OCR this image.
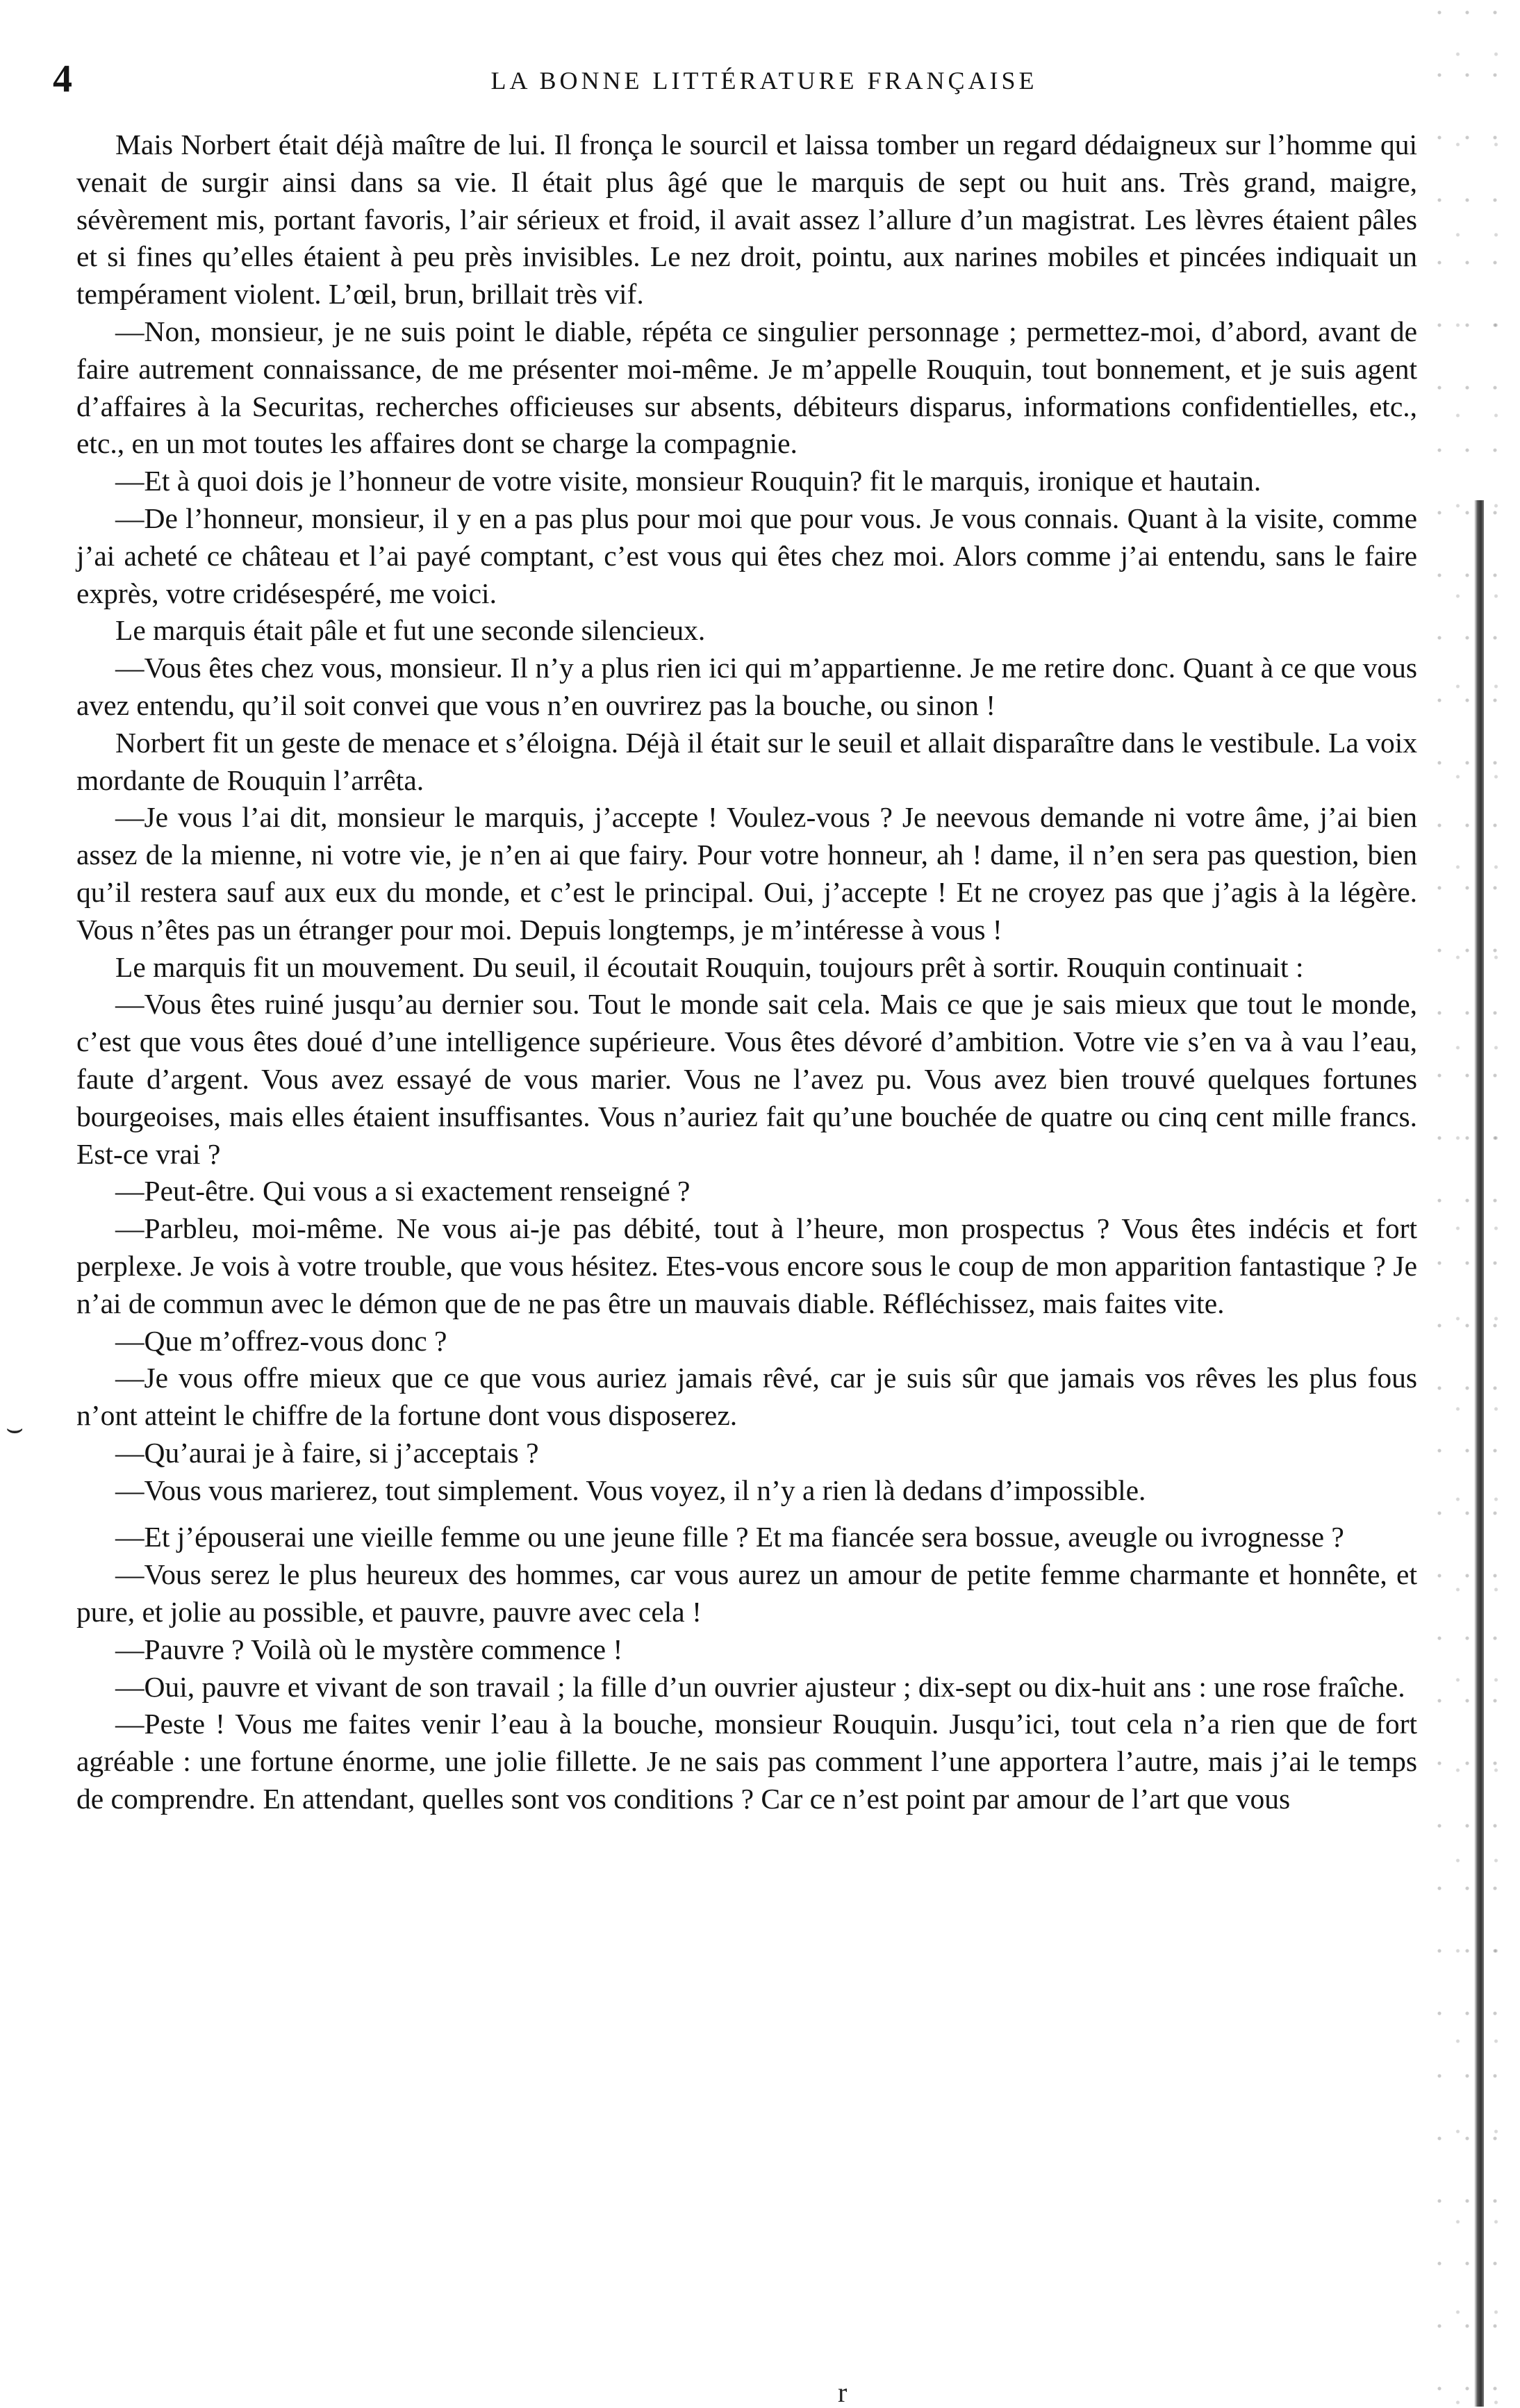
4	LA BONNE LITTÉRATURE FRANÇAISE
⌣

Mais Norbert était déjà maître de lui. Il fronça le sourcil et laissa tomber un regard dédaigneux sur l’homme qui venait de surgir ainsi dans sa vie. Il était plus âgé que le marquis de sept ou huit ans. Très grand, maigre, sévèrement mis, portant favoris, l’air sérieux et froid, il avait assez l’allure d’un magistrat. Les lèvres étaient pâles et si fines qu’elles étaient à peu près invisibles. Le nez droit, pointu, aux narines mobiles et pincées indiquait un tempérament violent. L’œil, brun, brillait très vif.

—Non, monsieur, je ne suis point le diable, répéta ce singulier personnage ; permettez-moi, d’abord, avant de faire autrement connaissance, de me présenter moi-même. Je m’appelle Rouquin, tout bonnement, et je suis agent d’affaires à la Securitas, recherches officieuses sur absents, débiteurs disparus, informations confidentielles, etc., etc., en un mot toutes les affaires dont se charge la compagnie.

—Et à quoi dois je l’honneur de votre visite, monsieur Rouquin? fit le marquis, ironique et hautain.

—De l’honneur, monsieur, il y en a pas plus pour moi que pour vous. Je vous connais. Quant à la visite, comme j’ai acheté ce château et l’ai payé comptant, c’est vous qui êtes chez moi. Alors comme j’ai entendu, sans le faire exprès, votre cridésespéré, me voici.

Le marquis était pâle et fut une seconde silencieux.

—Vous êtes chez vous, monsieur. Il n’y a plus rien ici qui m’appartienne. Je me retire donc. Quant à ce que vous avez entendu, qu’il soit convei que vous n’en ouvrirez pas la bouche, ou sinon !

Norbert fit un geste de menace et s’éloigna. Déjà il était sur le seuil et allait disparaître dans le vestibule. La voix mordante de Rouquin l’arrêta.

—Je vous l’ai dit, monsieur le marquis, j’accepte ! Voulez-vous ? Je neevous demande ni votre âme, j’ai bien assez de la mienne, ni votre vie, je n’en ai que fairy. Pour votre honneur, ah ! dame, il n’en sera pas question, bien qu’il restera sauf aux eux du monde, et c’est le principal. Oui, j’accepte ! Et ne croyez pas que j’agis à la légère. Vous n’êtes pas un étranger pour moi. Depuis longtemps, je m’intéresse à vous !

Le marquis fit un mouvement. Du seuil, il écoutait Rouquin, toujours prêt à sortir. Rouquin continuait :

—Vous êtes ruiné jusqu’au dernier sou. Tout le monde sait cela. Mais ce que je sais mieux que tout le monde, c’est que vous êtes doué d’une intelligence supérieure. Vous êtes dévoré d’ambition. Votre vie s’en va à vau l’eau, faute d’argent. Vous avez essayé de vous marier. Vous ne l’avez pu. Vous avez bien trouvé quelques fortunes bourgeoises, mais elles étaient insuffisantes. Vous n’auriez fait qu’une bouchée de quatre ou cinq cent mille francs. Est-ce vrai ?

—Peut-être. Qui vous a si exactement renseigné ?

—Parbleu, moi-même. Ne vous ai-je pas débité, tout à l’heure, mon prospectus ? Vous êtes indécis et fort perplexe. Je vois à votre trouble, que vous hésitez. Etes-vous encore sous le coup de mon apparition fantastique ? Je n’ai de commun avec le démon que de ne pas être un mauvais diable. Réfléchissez, mais faites vite.

—Que m’offrez-vous donc ?

—Je vous offre mieux que ce que vous auriez jamais rêvé, car je suis sûr que jamais vos rêves les plus fous n’ont atteint le chiffre de la fortune dont vous disposerez.

—Qu’aurai je à faire, si j’acceptais ?

—Vous vous marierez, tout simplement. Vous voyez, il n’y a rien là dedans d’impossible.

—Et j’épouserai une vieille femme ou une jeune fille ? Et ma fiancée sera bossue, aveugle ou ivrognesse ?

—Vous serez le plus heureux des hommes, car vous aurez un amour de petite femme charmante et honnête, et pure, et jolie au possible, et pauvre, pauvre avec cela !

—Pauvre ? Voilà où le mystère commence !

—Oui, pauvre et vivant de son travail ; la fille d’un ouvrier ajusteur ; dix-sept ou dix-huit ans : une rose fraîche.

—Peste ! Vous me faites venir l’eau à la bouche, monsieur Rouquin. Jusqu’ici, tout cela n’a rien que de fort agréable : une fortune énorme, une jolie fillette. Je ne sais pas comment l’une apportera l’autre, mais j’ai le temps de comprendre. En attendant, quelles sont vos conditions ? Car ce n’est point par amour de l’art que vous

r
